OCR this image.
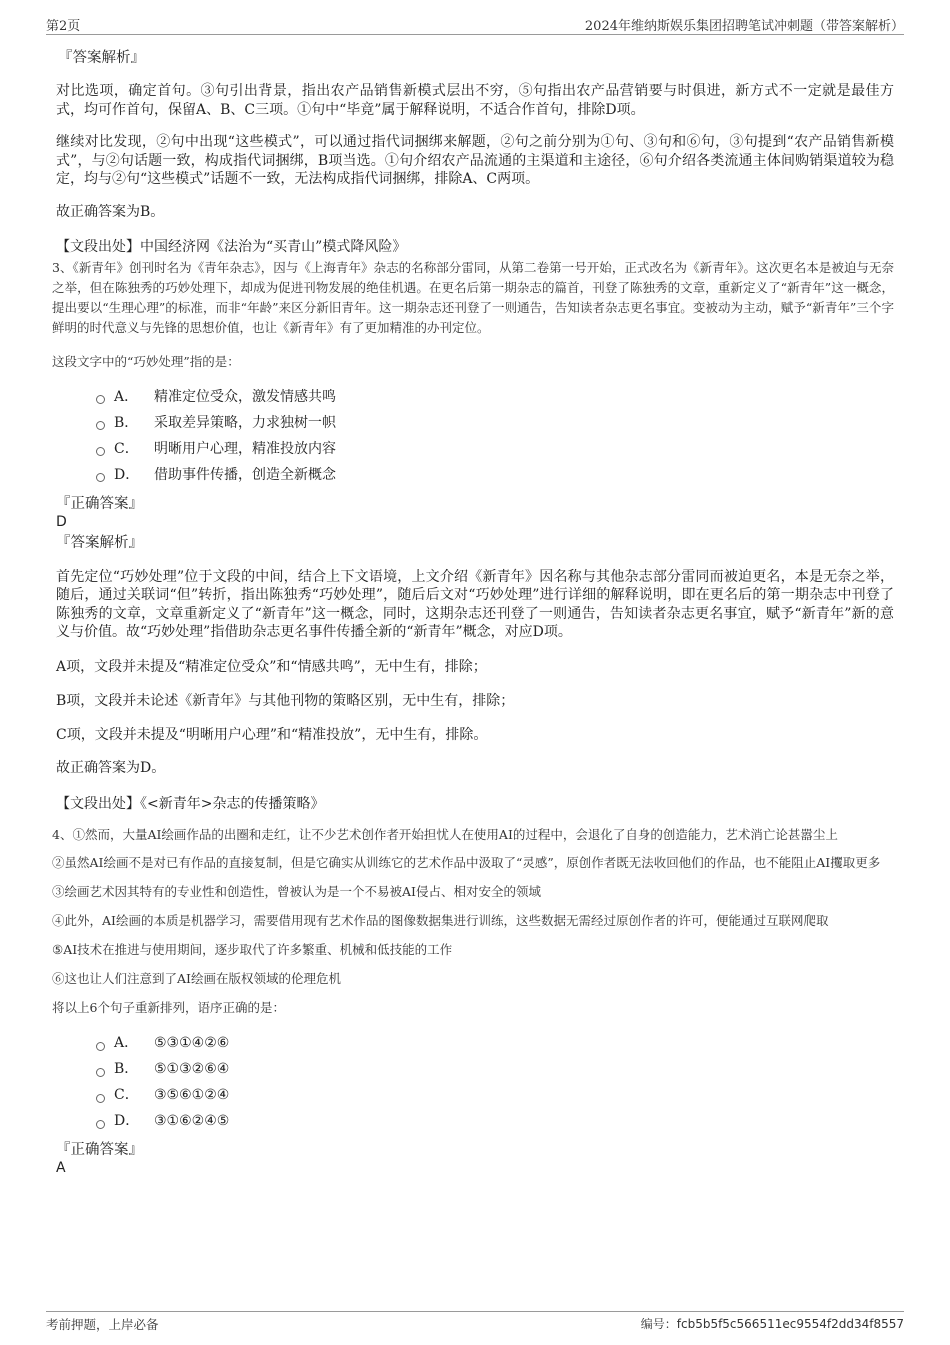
第2页	2024年维纳斯娱乐集团招聘笔试冲刺题（带答案解析）
『答案解析』
对比选项，确定首句。③句引出背景，指出农产品销售新模式层出不穷，⑤句指出农产品营销要与时俱进，新方式不一定就是最佳方式，均可作首句，保留A、B、C三项。①句中“毕竟”属于解释说明，不适合作首句，排除D项。
继续对比发现，②句中出现“这些模式”，可以通过指代词捆绑来解题，②句之前分别为①句、③句和⑥句，③句提到“农产品销售新模式”，与②句话题一致，构成指代词捆绑，B项当选。①句介绍农产品流通的主渠道和主途径，⑥句介绍各类流通主体间购销渠道较为稳定，均与②句“这些模式”话题不一致，无法构成指代词捆绑，排除A、C两项。
故正确答案为B。
【文段出处】中国经济网《法治为“买青山”模式降风险》
3、《新青年》创刊时名为《青年杂志》，因与《上海青年》杂志的名称部分雷同，从第二卷第一号开始，正式改名为《新青年》。这次更名本是被迫与无奈之举，但在陈独秀的巧妙处理下，却成为促进刊物发展的绝佳机遇。在更名后第一期杂志的篇首，刊登了陈独秀的文章，重新定义了“新青年”这一概念，提出要以“生理心理”的标准，而非“年龄”来区分新旧青年。这一期杂志还刊登了一则通告，告知读者杂志更名事宜。变被动为主动，赋予“新青年”三个字鲜明的时代意义与先锋的思想价值，也让《新青年》有了更加精准的办刊定位。
这段文字中的“巧妙处理”指的是：
A．	精准定位受众，激发情感共鸣
B．	采取差异策略，力求独树一帜
C．	明晰用户心理，精准投放内容
D．	借助事件传播，创造全新概念
『正确答案』
D
『答案解析』
首先定位“巧妙处理”位于文段的中间，结合上下文语境，上文介绍《新青年》因名称与其他杂志部分雷同而被迫更名，本是无奈之举，随后，通过关联词“但”转折，指出陈独秀“巧妙处理”，随后后文对“巧妙处理”进行详细的解释说明，即在更名后的第一期杂志中刊登了陈独秀的文章，文章重新定义了“新青年”这一概念，同时，这期杂志还刊登了一则通告，告知读者杂志更名事宜，赋予“新青年”新的意义与价值。故“巧妙处理”指借助杂志更名事件传播全新的“新青年”概念，对应D项。
A项，文段并未提及“精准定位受众”和“情感共鸣”，无中生有，排除；
B项，文段并未论述《新青年》与其他刊物的策略区别，无中生有，排除；
C项，文段并未提及“明晰用户心理”和“精准投放”，无中生有，排除。
故正确答案为D。
【文段出处】《<新青年>杂志的传播策略》
4、①然而，大量AI绘画作品的出圈和走红，让不少艺术创作者开始担忧人在使用AI的过程中，会退化了自身的创造能力，艺术消亡论甚嚣尘上
②虽然AI绘画不是对已有作品的直接复制，但是它确实从训练它的艺术作品中汲取了“灵感”，原创作者既无法收回他们的作品，也不能阻止AI攫取更多
③绘画艺术因其特有的专业性和创造性，曾被认为是一个不易被AI侵占、相对安全的领域
④此外，AI绘画的本质是机器学习，需要借用现有艺术作品的图像数据集进行训练，这些数据无需经过原创作者的许可，便能通过互联网爬取
⑤AI技术在推进与使用期间，逐步取代了许多繁重、机械和低技能的工作
⑥这也让人们注意到了AI绘画在版权领域的伦理危机
将以上6个句子重新排列，语序正确的是：
A．	⑤③①④②⑥
B．	⑤①③②⑥④
C．	③⑤⑥①②④
D．	③①⑥②④⑤
『正确答案』
A
考前押题，上岸必备	编号：fcb5b5f5c566511ec9554f2dd34f8557
